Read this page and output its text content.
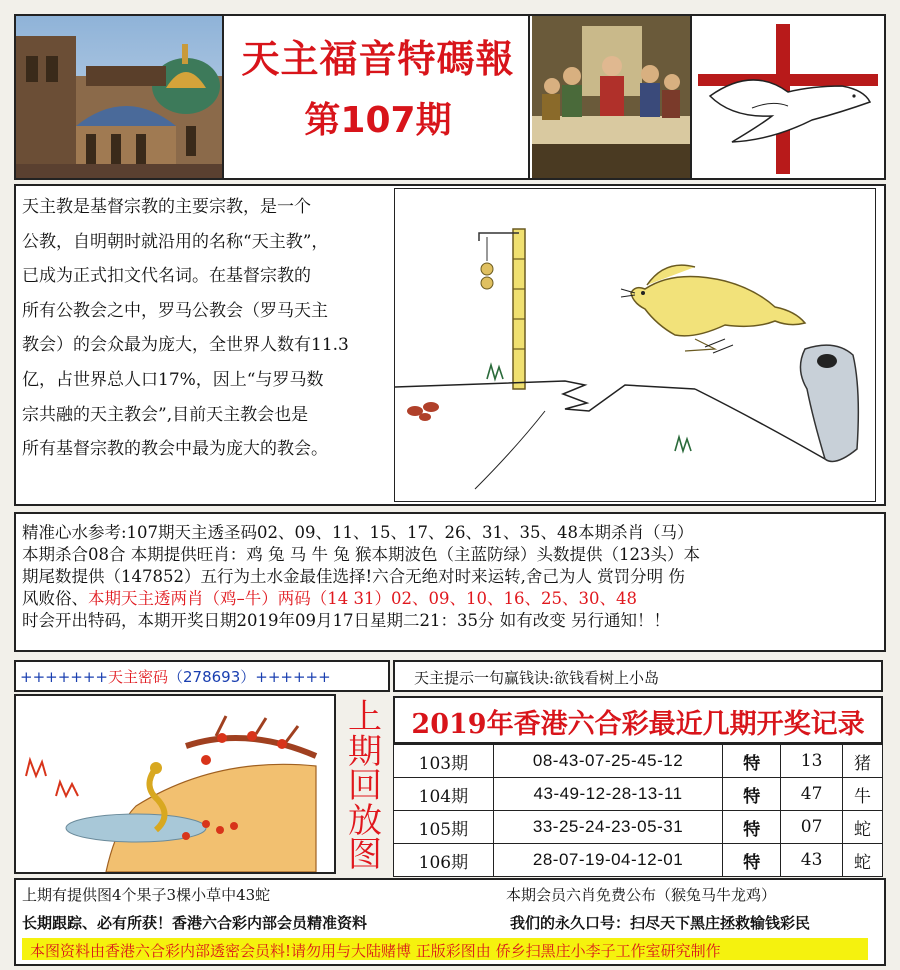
天主福音特碼報
第107期
天主教是基督宗教的主要宗教，是一个
公教，自明朝时就沿用的名称“天主教”，
已成为正式扣文代名词。在基督宗教的
所有公教会之中，罗马公教会（罗马天主
教会）的会众最为庞大，全世界人数有11.3
亿，占世界总人口17%，因上“与罗马数
宗共融的天主教会”,目前天主教会也是
所有基督宗教的教会中最为庞大的教会。
精准心水参考:107期天主透圣码02、09、11、15、17、26、31、35、48本期杀肖（马）
本期杀合08合 本期提供旺肖：鸡 兔 马 牛 兔 猴本期波色（主蓝防绿）头数提供（123头）本
期尾数提供（147852）五行为土水金最佳选择!六合无绝对时来运转,舍己为人 赏罚分明 伤
风败俗、本期天主透两肖（鸡–牛）两码（14 31）02、09、10、16、25、30、48
时会开出特码，本期开奖日期2019年09月17日星期二21：35分 如有改变 另行通知！！
+++++++天主密码（278693）++++++	天主提示一句赢钱诀:欲钱看树上小岛
上
期
回
放
图
2019年香港六合彩最近几期开奖记录
103期	08-43-07-25-45-12	特	13	猪
104期	43-49-12-28-13-11	特	47	牛
105期	33-25-24-23-05-31	特	07	蛇
106期	28-07-19-04-12-01	特	43	蛇
上期有提供图4个果子3棵小草中43蛇	本期会员六肖免费公布（猴兔马牛龙鸡）
长期跟踪、必有所获！香港六合彩内部会员精准资料	我们的永久口号：扫尽天下黑庄拯救输钱彩民
本图资料由香港六合彩内部透密会员料!请勿用与大陆赌博 正版彩图由 侨乡扫黑庄小李子工作室研究制作
